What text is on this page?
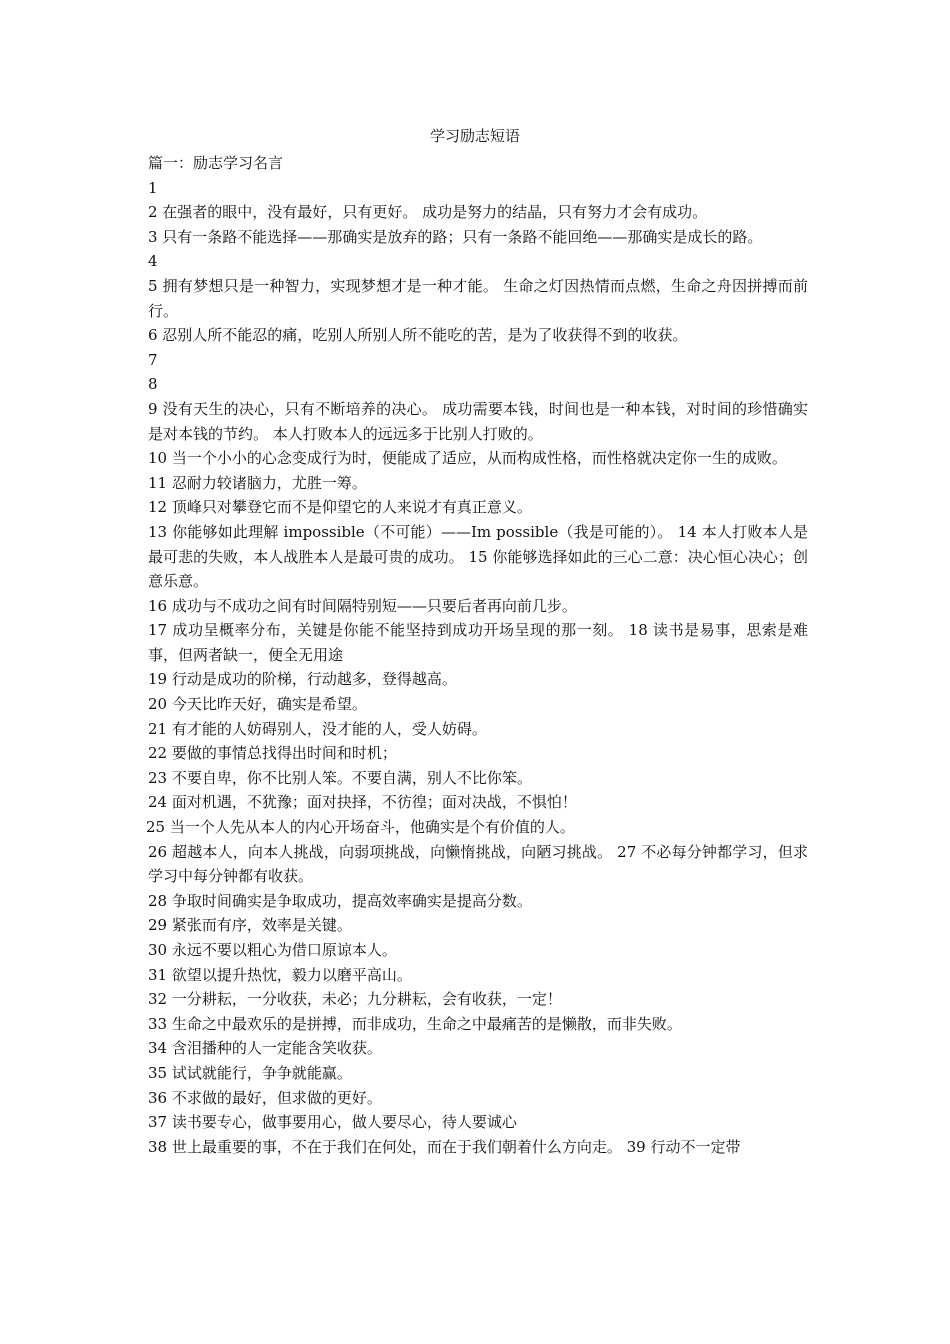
学习励志短语

篇一：励志学习名言

1

2 在强者的眼中，没有最好，只有更好。 成功是努力的结晶，只有努力才会有成功。

3 只有一条路不能选择——那确实是放弃的路；只有一条路不能回绝——那确实是成长的路。

4

5 拥有梦想只是一种智力，实现梦想才是一种才能。 生命之灯因热情而点燃，生命之舟因拼搏而前行。

6 忍别人所不能忍的痛，吃别人所别人所不能吃的苦，是为了收获得不到的收获。

7

8

9 没有天生的决心，只有不断培养的决心。 成功需要本钱，时间也是一种本钱，对时间的珍惜确实是对本钱的节约。 本人打败本人的远远多于比别人打败的。

10 当一个小小的心念变成行为时，便能成了适应，从而构成性格，而性格就决定你一生的成败。

11 忍耐力较诸脑力，尤胜一筹。

12 顶峰只对攀登它而不是仰望它的人来说才有真正意义。

13 你能够如此理解 impossible（不可能）——Im possible（我是可能的）。 14 本人打败本人是最可悲的失败，本人战胜本人是最可贵的成功。 15 你能够选择如此的三心二意：决心恒心决心；创意乐意。

16 成功与不成功之间有时间隔特别短——只要后者再向前几步。

17 成功呈概率分布，关键是你能不能坚持到成功开场呈现的那一刻。 18 读书是易事，思索是难事，但两者缺一，便全无用途

19 行动是成功的阶梯，行动越多，登得越高。

20 今天比昨天好，确实是希望。

21 有才能的人妨碍别人，没才能的人，受人妨碍。

22 要做的事情总找得出时间和时机；

23 不要自卑，你不比别人笨。不要自满，别人不比你笨。

24 面对机遇，不犹豫；面对抉择，不彷徨；面对决战，不惧怕！

25 当一个人先从本人的内心开场奋斗，他确实是个有价值的人。

26 超越本人，向本人挑战，向弱项挑战，向懒惰挑战，向陋习挑战。 27 不必每分钟都学习，但求学习中每分钟都有收获。

28 争取时间确实是争取成功，提高效率确实是提高分数。

29 紧张而有序，效率是关键。

30 永远不要以粗心为借口原谅本人。

31 欲望以提升热忱，毅力以磨平高山。

32 一分耕耘，一分收获，未必；九分耕耘，会有收获，一定！

33 生命之中最欢乐的是拼搏，而非成功，生命之中最痛苦的是懒散，而非失败。

34 含泪播种的人一定能含笑收获。

35 试试就能行，争争就能赢。

36 不求做的最好，但求做的更好。

37 读书要专心，做事要用心，做人要尽心，待人要诚心

38 世上最重要的事，不在于我们在何处，而在于我们朝着什么方向走。 39 行动不一定带
